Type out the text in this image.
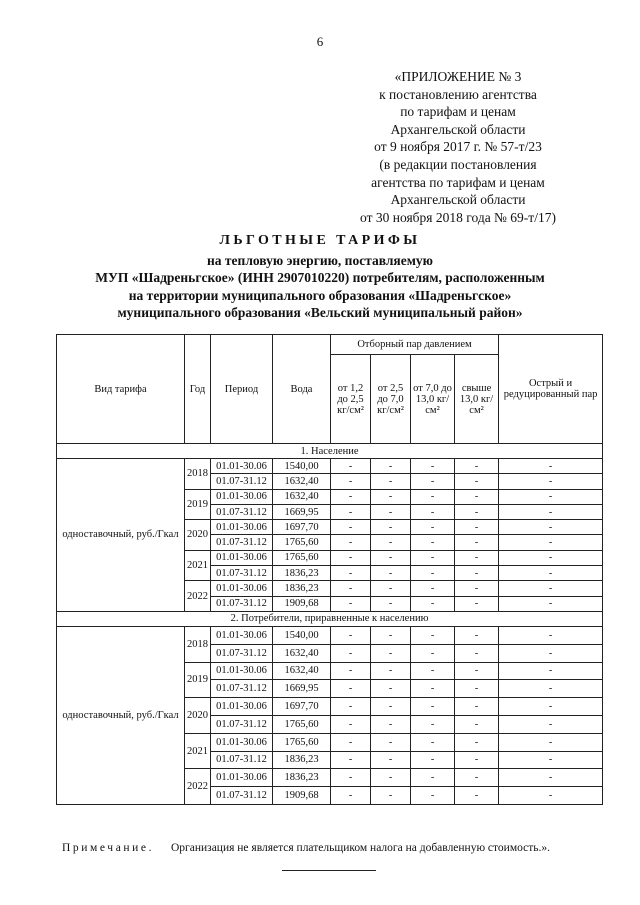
6
«ПРИЛОЖЕНИЕ № 3
к постановлению агентства
по тарифам и ценам
Архангельской области
от 9 ноября 2017 г. № 57-т/23
(в редакции постановления
агентства по тарифам и ценам
Архангельской области
от 30 ноября 2018 года № 69-т/17)
ЛЬГОТНЫЕ ТАРИФЫ
на тепловую энергию, поставляемую
МУП «Шадреньгское» (ИНН 2907010220) потребителям, расположенным
на территории муниципального образования «Шадреньгское»
муниципального образования «Вельский муниципальный район»
Вид тарифа	Год	Период	Вода	Отборный пар давлением				Острый и редуцированный пар
				от 1,2 до 2,5 кг/см²	от 2,5 до 7,0 кг/см²	от 7,0 до 13,0 кг/см²	свыше 13,0 кг/см²	
1. Население								
одноставочный, руб./Гкал	2018	01.01-30.06	1540,00	-	-	-	-	-
		01.07-31.12	1632,40	-	-	-	-	-
	2019	01.01-30.06	1632,40	-	-	-	-	-
		01.07-31.12	1669,95	-	-	-	-	-
	2020	01.01-30.06	1697,70	-	-	-	-	-
		01.07-31.12	1765,60	-	-	-	-	-
	2021	01.01-30.06	1765,60	-	-	-	-	-
		01.07-31.12	1836,23	-	-	-	-	-
	2022	01.01-30.06	1836,23	-	-	-	-	-
		01.07-31.12	1909,68	-	-	-	-	-
2. Потребители, приравненные к населению								
одноставочный, руб./Гкал	2018	01.01-30.06	1540,00	-	-	-	-	-
		01.07-31.12	1632,40	-	-	-	-	-
	2019	01.01-30.06	1632,40	-	-	-	-	-
		01.07-31.12	1669,95	-	-	-	-	-
	2020	01.01-30.06	1697,70	-	-	-	-	-
		01.07-31.12	1765,60	-	-	-	-	-
	2021	01.01-30.06	1765,60	-	-	-	-	-
		01.07-31.12	1836,23	-	-	-	-	-
	2022	01.01-30.06	1836,23	-	-	-	-	-
		01.07-31.12	1909,68	-	-	-	-	-
Примечание. Организация не является плательщиком налога на добавленную стоимость.».
